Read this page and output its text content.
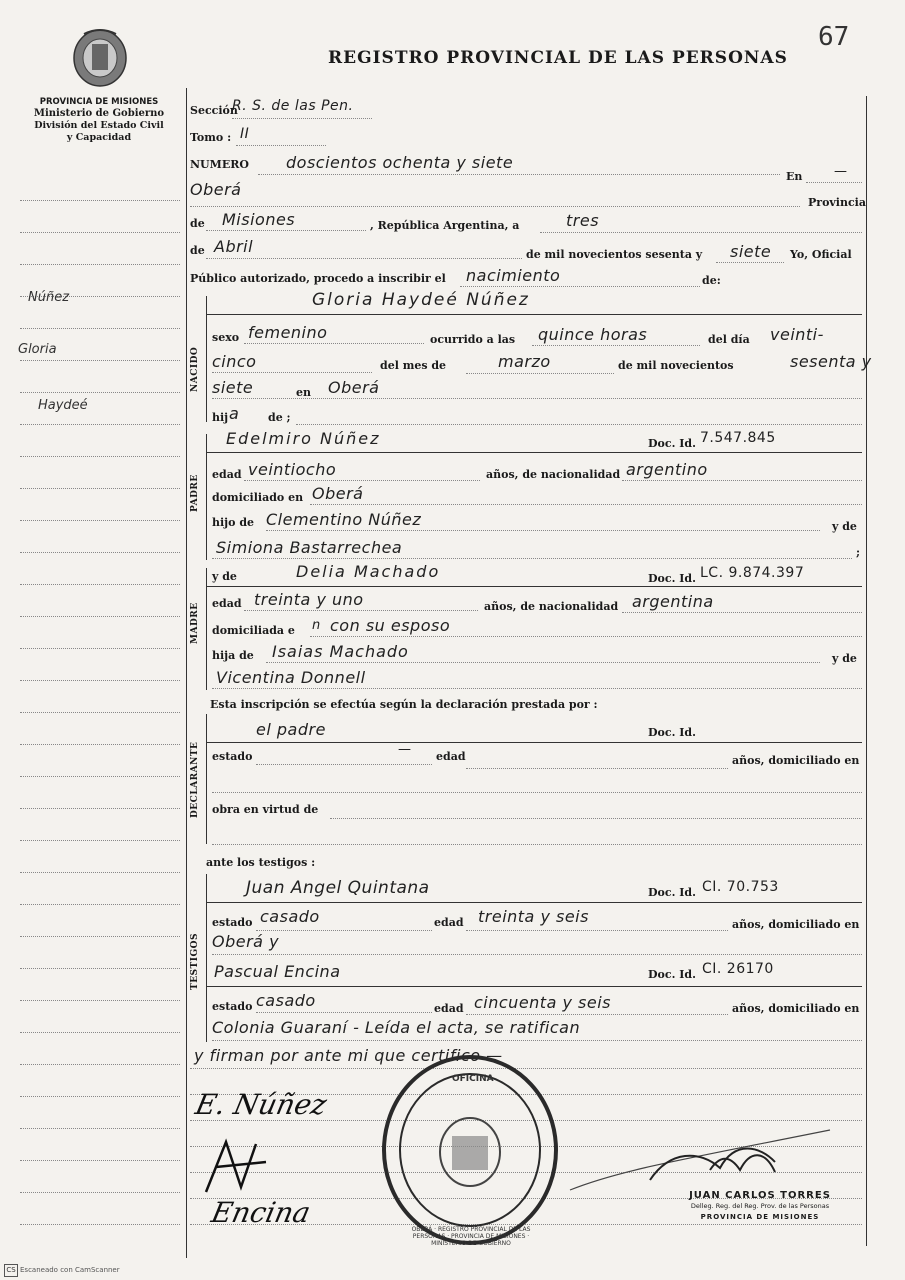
67
REGISTRO PROVINCIAL DE LAS PERSONAS
PROVINCIA DE MISIONES
Ministerio de Gobierno
División del Estado Civil
y Capacidad
Núñez
Gloria
Haydeé
Sección
R. S. de las Pen.
Tomo : II
NUMERO doscientos ochenta y siete
En —
Oberá
Provincia
de Misiones	, República Argentina, a	tres
de Abril	de mil novecientos sesenta y siete Yo, Oficial
Público autorizado, procedo a inscribir el nacimiento	de:
NACIDO
Gloria Haydeé Núñez
sexo femenino	ocurrido a las quince horas	del día veinti-
cinco	del mes de	marzo	de mil novecientos	sesenta y
siete	en Oberá
hij a	de ;
PADRE
Edelmiro Núñez	Doc. Id. 7.547.845
edad veintiocho	años, de nacionalidad argentino
domiciliado en Oberá
hijo de Clementino Núñez	y de
Simiona Bastarrechea	;
MADRE
y de	Delia Machado	Doc. Id. LC. 9.874.397
edad treinta y uno	años, de nacionalidad argentina
domiciliada e n con su esposo
hija de Isaias Machado	y de
Vicentina Donnell
Esta inscripción se efectúa según la declaración prestada por :
DECLARANTE
el padre	Doc. Id.
estado	— edad	años, domiciliado en
obra en virtud de
ante los testigos :
TESTIGOS
Juan Angel Quintana	Doc. Id. CI. 70.753
estado casado	edad treinta y seis	años, domiciliado en
Oberá y
Pascual Encina	Doc. Id. CI. 26170
estado casado	edad cincuenta y seis	años, domiciliado en
Colonia Guaraní - Leída el acta, se ratifican
y firman por ante mi que certifico —
E. Núñez
Encina
OFICINA
OBERÁ · REGISTRO PROVINCIAL DE LAS PERSONAS · PROVINCIA DE MISIONES · MINISTERIO DE GOBIERNO
JUAN CARLOS TORRES
Delleg. Reg. del Reg. Prov. de las Personas
PROVINCIA DE MISIONES
CS Escaneado con CamScanner
